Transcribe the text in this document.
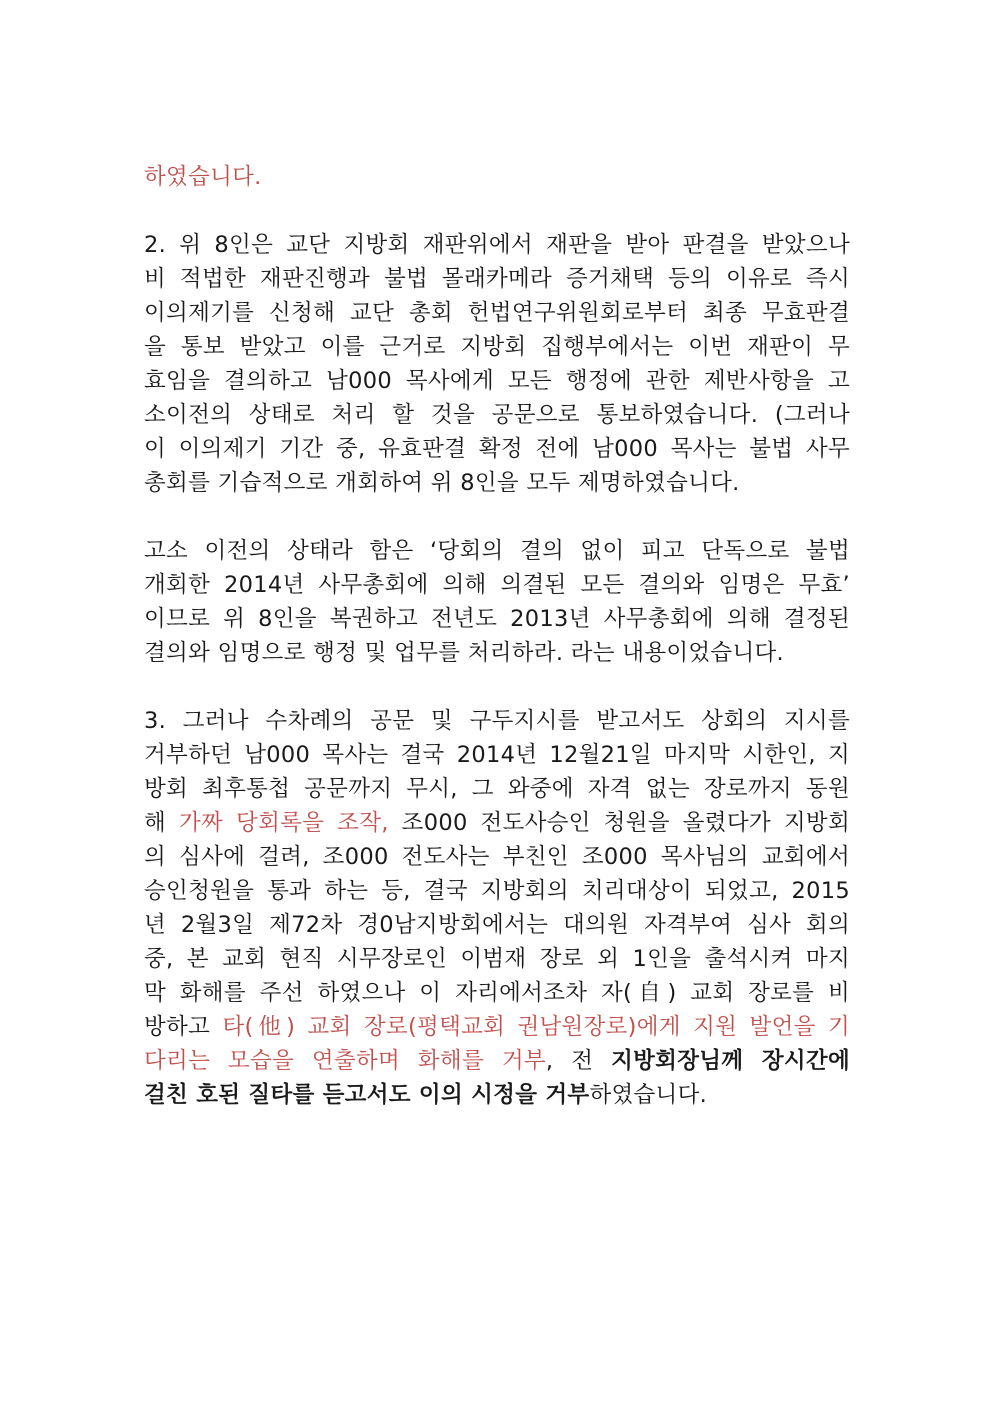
하였습니다.
2. 위 8인은 교단 지방회 재판위에서 재판을 받아 판결을 받았으나
비 적법한 재판진행과 불법 몰래카메라 증거채택 등의 이유로 즉시
이의제기를 신청해 교단 총회 헌법연구위원회로부터 최종 무효판결
을 통보 받았고 이를 근거로 지방회 집행부에서는 이번 재판이 무
효임을 결의하고 남000 목사에게 모든 행정에 관한 제반사항을 고
소이전의 상태로 처리 할 것을 공문으로 통보하였습니다. (그러나
이 이의제기 기간 중, 유효판결 확정 전에 남000 목사는 불법 사무
총회를 기습적으로 개회하여 위 8인을 모두 제명하였습니다.
고소 이전의 상태라 함은 ‘당회의 결의 없이 피고 단독으로 불법
개회한 2014년 사무총회에 의해 의결된 모든 결의와 임명은 무효’
이므로 위 8인을 복권하고 전년도 2013년 사무총회에 의해 결정된
결의와 임명으로 행정 및 업무를 처리하라. 라는 내용이었습니다.
3. 그러나 수차례의 공문 및 구두지시를 받고서도 상회의 지시를
거부하던 남000 목사는 결국 2014년 12월21일 마지막 시한인, 지
방회 최후통첩 공문까지 무시, 그 와중에 자격 없는 장로까지 동원
해 가짜 당회록을 조작, 조000 전도사승인 청원을 올렸다가 지방회
의 심사에 걸려, 조000 전도사는 부친인 조000 목사님의 교회에서
승인청원을 통과 하는 등, 결국 지방회의 치리대상이 되었고, 2015
년 2월3일 제72차 경0남지방회에서는 대의원 자격부여 심사 회의
중, 본 교회 현직 시무장로인 이범재 장로 외 1인을 출석시켜 마지
막 화해를 주선 하였으나 이 자리에서조차 자(自) 교회 장로를 비
방하고 타(他) 교회 장로(평택교회 권남원장로)에게 지원 발언을 기
다리는 모습을 연출하며 화해를 거부, 전 지방회장님께 장시간에
걸친 호된 질타를 듣고서도 이의 시정을 거부하였습니다.
